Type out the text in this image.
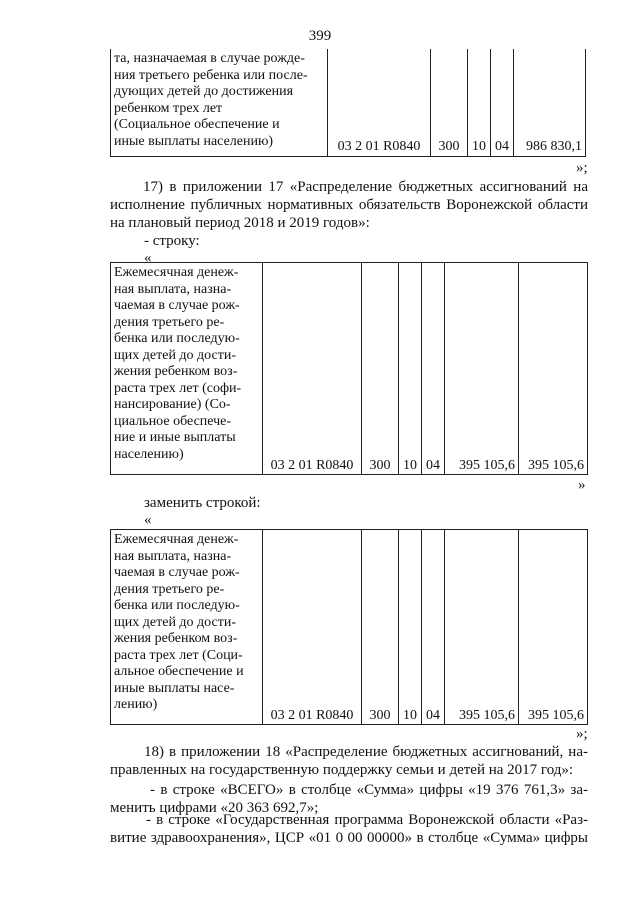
399
та, назначаемая в случае рожде-
ния третьего ребенка или после-
дующих детей до достижения
ребенком трех лет
(Социальное обеспечение и
иные выплаты населению)	03 2 01 R0840	300	10	04	986 830,1
»;
17) в приложении 17 «Распределение бюджетных ассигнований на
исполнение публичных нормативных обязательств Воронежской области
на плановый период 2018 и 2019 годов»:
- строку:
«
Ежемесячная денеж-
ная выплата, назна-
чаемая в случае рож-
дения третьего ре-
бенка или последую-
щих детей до дости-
жения ребенком воз-
раста трех лет (софи-
нансирование) (Со-
циальное обеспече-
ние и иные выплаты
населению)
	03 2 01 R0840	300	10	04	395 105,6	395 105,6
»
заменить строкой:
«
Ежемесячная денеж-
ная выплата, назна-
чаемая в случае рож-
дения третьего ре-
бенка или последую-
щих детей до дости-
жения ребенком воз-
раста трех лет (Соци-
альное обеспечение и
иные выплаты насе-
лению)
	03 2 01 R0840	300	10	04	395 105,6	395 105,6
»;
18) в приложении 18 «Распределение бюджетных ассигнований, на-
правленных на государственную поддержку семьи и детей на 2017 год»:
- в строке «ВСЕГО» в столбце «Сумма» цифры «19 376 761,3» за-
менить цифрами «20 363 692,7»;
- в строке «Государственная программа Воронежской области «Раз-
витие здравоохранения», ЦСР «01 0 00 00000» в столбце «Сумма» цифры
